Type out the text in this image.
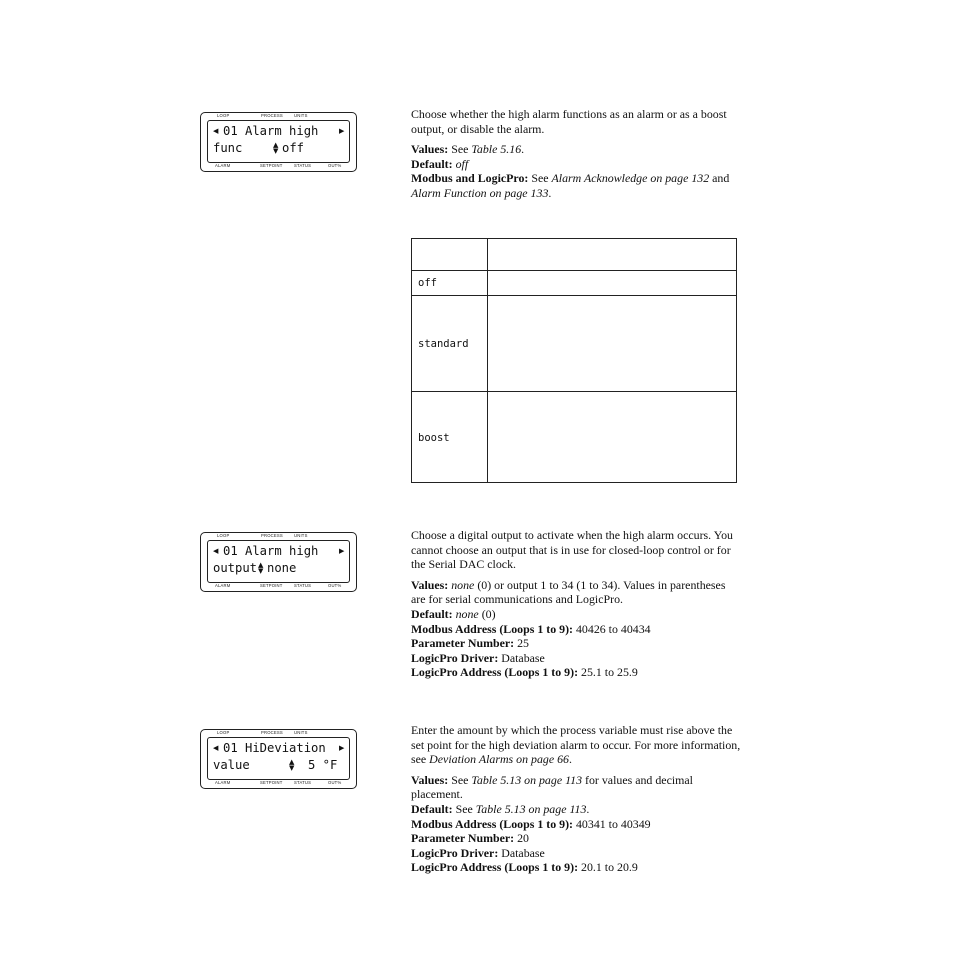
LOOP	PROCESS	UNITS
◀ 01 Alarm high	▶
func	▲
▼ off
ALARM	SETPOINT	STATUS	OUT%

Choose whether the high alarm functions as an alarm or as a boost output, or disable the alarm.

Values: See Table 5.16.

Default: off

Modbus and LogicPro: See Alarm Acknowledge on page 132 and Alarm Function on page 133.

off
standard
boost
LOOP	PROCESS	UNITS
◀ 01 Alarm high	▶
output ▲
▼ none
ALARM	SETPOINT	STATUS	OUT%

Choose a digital output to activate when the high alarm occurs. You cannot choose an output that is in use for closed-loop control or for the Serial DAC clock.

Values: none (0) or output 1 to 34 (1 to 34). Values in parentheses are for serial communications and LogicPro.

Default: none (0)

Modbus Address (Loops 1 to 9): 40426 to 40434

Parameter Number: 25

LogicPro Driver: Database

LogicPro Address (Loops 1 to 9): 25.1 to 25.9

LOOP	PROCESS	UNITS
◀ 01 HiDeviation ▶
value	▲
▼ 5 °F
ALARM	SETPOINT	STATUS	OUT%

Enter the amount by which the process variable must rise above the set point for the high deviation alarm to occur. For more information, see Deviation Alarms on page 66.

Values: See Table 5.13 on page 113 for values and decimal placement.

Default: See Table 5.13 on page 113.

Modbus Address (Loops 1 to 9): 40341 to 40349

Parameter Number: 20

LogicPro Driver: Database

LogicPro Address (Loops 1 to 9): 20.1 to 20.9
